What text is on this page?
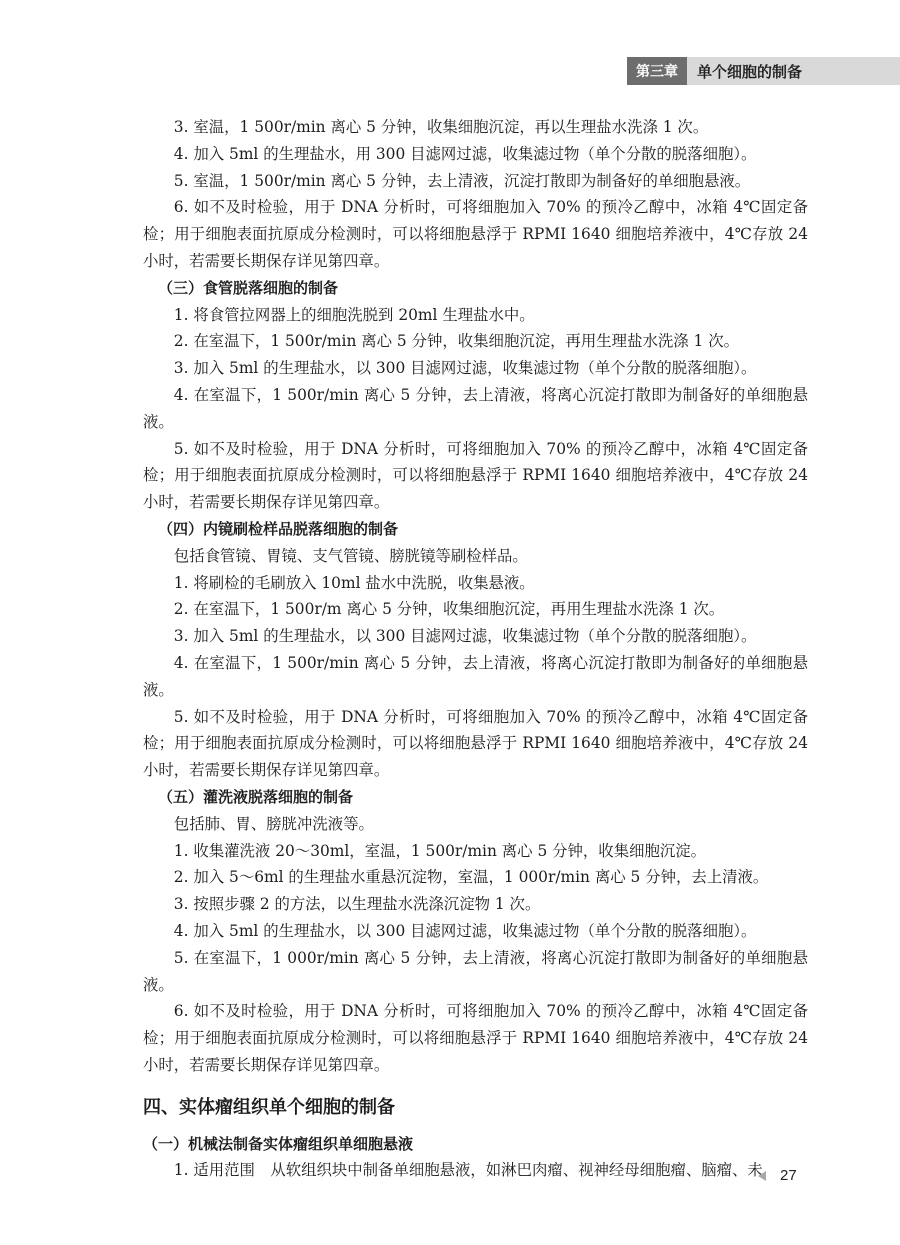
第三章	单个细胞的制备

3. 室温，1 500r/min 离心 5 分钟，收集细胞沉淀，再以生理盐水洗涤 1 次。

4. 加入 5ml 的生理盐水，用 300 目滤网过滤，收集滤过物（单个分散的脱落细胞）。

5. 室温，1 500r/min 离心 5 分钟，去上清液，沉淀打散即为制备好的单细胞悬液。

6. 如不及时检验，用于 DNA 分析时，可将细胞加入 70% 的预冷乙醇中，冰箱 4℃固定备检；用于细胞表面抗原成分检测时，可以将细胞悬浮于 RPMI 1640 细胞培养液中，4℃存放 24 小时，若需要长期保存详见第四章。

（三）食管脱落细胞的制备

1. 将食管拉网器上的细胞洗脱到 20ml 生理盐水中。

2. 在室温下，1 500r/min 离心 5 分钟，收集细胞沉淀，再用生理盐水洗涤 1 次。

3. 加入 5ml 的生理盐水，以 300 目滤网过滤，收集滤过物（单个分散的脱落细胞）。

4. 在室温下，1 500r/min 离心 5 分钟，去上清液，将离心沉淀打散即为制备好的单细胞悬液。

5. 如不及时检验，用于 DNA 分析时，可将细胞加入 70% 的预冷乙醇中，冰箱 4℃固定备检；用于细胞表面抗原成分检测时，可以将细胞悬浮于 RPMI 1640 细胞培养液中，4℃存放 24 小时，若需要长期保存详见第四章。

（四）内镜刷检样品脱落细胞的制备

包括食管镜、胃镜、支气管镜、膀胱镜等刷检样品。

1. 将刷检的毛刷放入 10ml 盐水中洗脱，收集悬液。

2. 在室温下，1 500r/m 离心 5 分钟，收集细胞沉淀，再用生理盐水洗涤 1 次。

3. 加入 5ml 的生理盐水，以 300 目滤网过滤，收集滤过物（单个分散的脱落细胞）。

4. 在室温下，1 500r/min 离心 5 分钟，去上清液，将离心沉淀打散即为制备好的单细胞悬液。

5. 如不及时检验，用于 DNA 分析时，可将细胞加入 70% 的预冷乙醇中，冰箱 4℃固定备检；用于细胞表面抗原成分检测时，可以将细胞悬浮于 RPMI 1640 细胞培养液中，4℃存放 24 小时，若需要长期保存详见第四章。

（五）灌洗液脱落细胞的制备

包括肺、胃、膀胱冲洗液等。

1. 收集灌洗液 20～30ml，室温，1 500r/min 离心 5 分钟，收集细胞沉淀。

2. 加入 5～6ml 的生理盐水重悬沉淀物，室温，1 000r/min 离心 5 分钟，去上清液。

3. 按照步骤 2 的方法，以生理盐水洗涤沉淀物 1 次。

4. 加入 5ml 的生理盐水，以 300 目滤网过滤，收集滤过物（单个分散的脱落细胞）。

5. 在室温下，1 000r/min 离心 5 分钟，去上清液，将离心沉淀打散即为制备好的单细胞悬液。

6. 如不及时检验，用于 DNA 分析时，可将细胞加入 70% 的预冷乙醇中，冰箱 4℃固定备检；用于细胞表面抗原成分检测时，可以将细胞悬浮于 RPMI 1640 细胞培养液中，4℃存放 24 小时，若需要长期保存详见第四章。

四、实体瘤组织单个细胞的制备

（一）机械法制备实体瘤组织单细胞悬液

1. 适用范围　从软组织块中制备单细胞悬液，如淋巴肉瘤、视神经母细胞瘤、脑瘤、未	27
